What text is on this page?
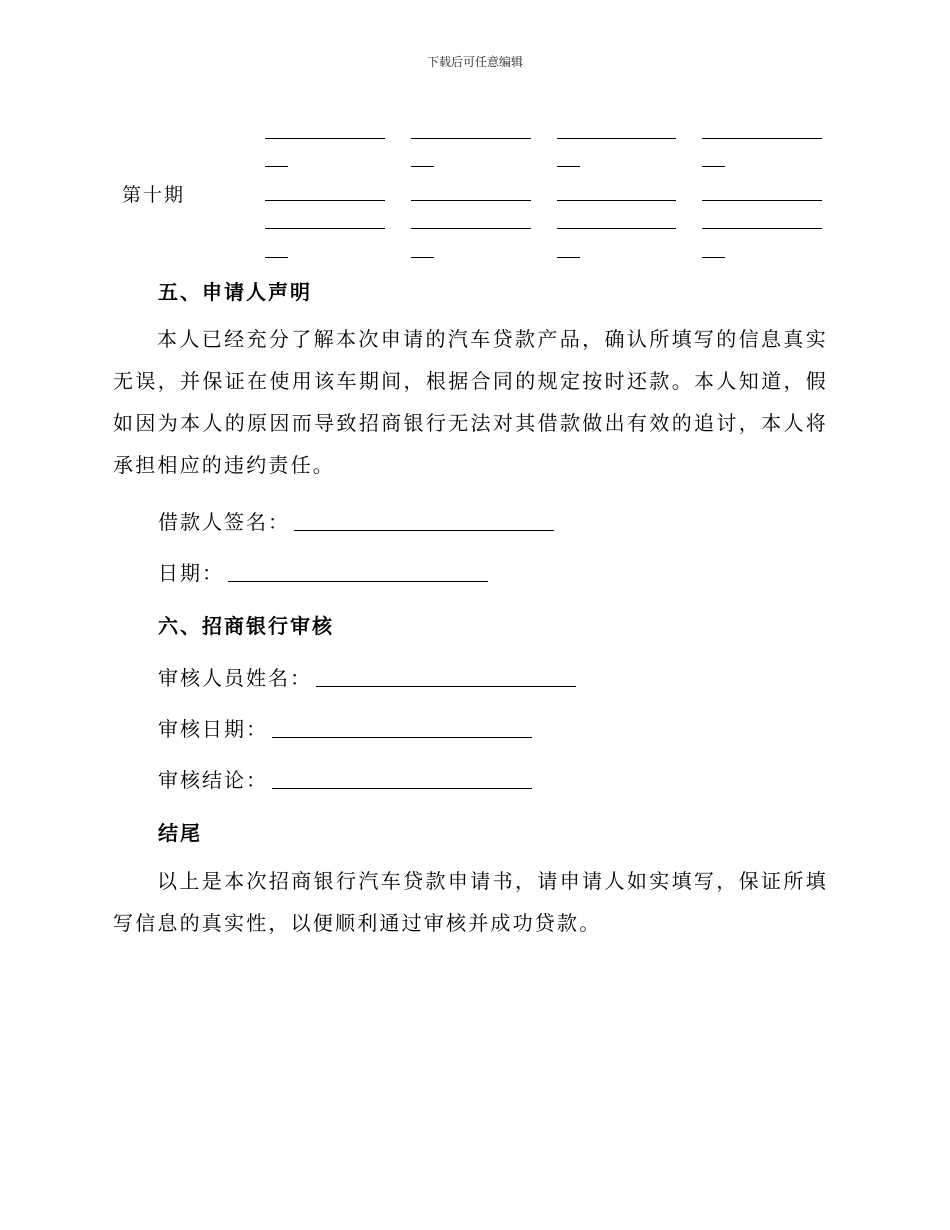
下载后可任意编辑
第十期
五、申请人声明
本人已经充分了解本次申请的汽车贷款产品，确认所填写的信息真实无误，并保证在使用该车期间，根据合同的规定按时还款。本人知道，假如因为本人的原因而导致招商银行无法对其借款做出有效的追讨，本人将承担相应的违约责任。
借款人签名：
日期：
六、招商银行审核
审核人员姓名：
审核日期：
审核结论：
结尾
以上是本次招商银行汽车贷款申请书，请申请人如实填写，保证所填写信息的真实性，以便顺利通过审核并成功贷款。
